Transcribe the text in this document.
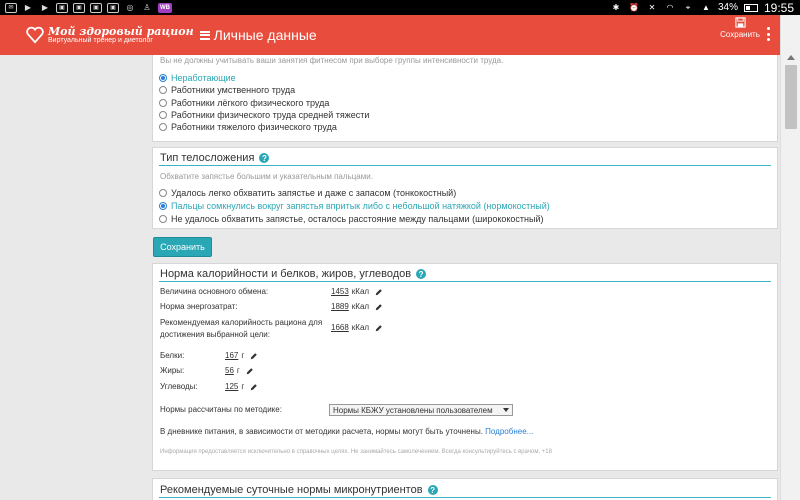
✉	▶	▶	▣	▣	▣	▣	◎	♙	WB	✱	⏰	✕	◠	⌖	▲ 34% 19:55
Мой здоровый рацион
Виртуальный тренер и диетолог	Личные данные	Сохранить
Вы не должны учитывать ваши занятия фитнесом при выборе группы интенсивности труда.
Неработающие
Работники умственного труда
Работники лёгкого физического труда
Работники физического труда средней тяжести
Работники тяжелого физического труда
Тип телосложения ?
Обхватите запястье большим и указательным пальцами.
Удалось легко обхватить запястье и даже с запасом (тонкокостный)
Пальцы сомкнулись вокруг запястья впритык либо с небольшой натяжкой (нормокостный)
Не удалось обхватить запястье, осталось расстояние между пальцами (ширококостный)
Сохранить
Норма калорийности и белков, жиров, углеводов ?
Величина основного обмена:	1453 кКал
Норма энергозатрат:	1889 кКал
Рекомендуемая калорийность рациона для
достижения выбранной цели:
1668 кКал
Белки:	167 г
Жиры:	56 г
Углеводы:	125 г
Нормы рассчитаны по методике:	Нормы КБЖУ установлены пользователем
В дневнике питания, в зависимости от методики расчета, нормы могут быть уточнены. Подробнее...
Информация предоставляется исключительно в справочных целях. Не занимайтесь самолечением. Всегда консультируйтесь с врачом. +18
Рекомендуемые суточные нормы микронутриентов ?
